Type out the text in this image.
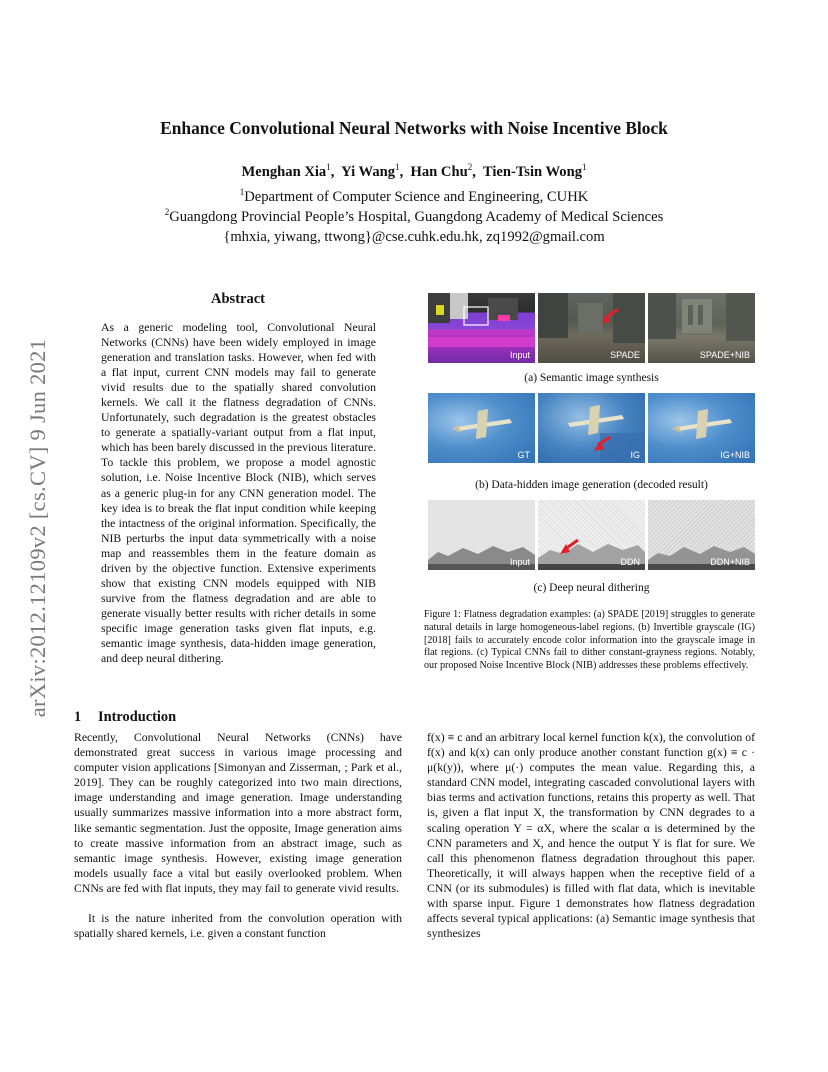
arXiv:2012.12109v2 [cs.CV] 9 Jun 2021
Enhance Convolutional Neural Networks with Noise Incentive Block
Menghan Xia$^1$,  Yi Wang$^1$,  Han Chu$^2$,  Tien-Tsin Wong$^1$
$^1$Department of Computer Science and Engineering, CUHK
$^2$Guangdong Provincial People’s Hospital, Guangdong Academy of Medical Sciences
{mhxia, yiwang, ttwong}@cse.cuhk.edu.hk, zq1992@gmail.com
Abstract
As a generic modeling tool, Convolutional Neural Networks (CNNs) have been widely employed in image generation and translation tasks. However, when fed with a flat input, current CNN models may fail to generate vivid results due to the spatially shared convolution kernels. We call it the flatness degradation of CNNs. Unfortunately, such degradation is the greatest obstacles to generate a spatially-variant output from a flat input, which has been barely discussed in the previous literature. To tackle this problem, we propose a model agnostic solution, i.e. Noise Incentive Block (NIB), which serves as a generic plug-in for any CNN generation model. The key idea is to break the flat input condition while keeping the intactness of the original information. Specifically, the NIB perturbs the input data symmetrically with a noise map and reassembles them in the feature domain as driven by the objective function. Extensive experiments show that existing CNN models equipped with NIB survive from the flatness degradation and are able to generate visually better results with richer details in some specific image generation tasks given flat inputs, e.g. semantic image synthesis, data-hidden image generation, and deep neural dithering.
Input	SPADE	SPADE+NIB
(a) Semantic image synthesis
GT	IG	IG+NIB
(b) Data-hidden image generation (decoded result)
Input	DDN	DDN+NIB
(c) Deep neural dithering
Figure 1: Flatness degradation examples: (a) SPADE [2019] struggles to generate natural details in large homogeneous-label regions. (b) Invertible grayscale (IG) [2018] fails to accurately encode color information into the grayscale image in flat regions. (c) Typical CNNs fail to dither constant-grayness regions. Notably, our proposed Noise Incentive Block (NIB) addresses these problems effectively.
1 Introduction

Recently, Convolutional Neural Networks (CNNs) have demonstrated great success in various image processing and computer vision applications [Simonyan and Zisserman, ; Park et al., 2019]. They can be roughly categorized into two main directions, image understanding and image generation. Image understanding usually summarizes massive information into a more abstract form, like semantic segmentation. Just the opposite, Image generation aims to create massive information from an abstract image, such as semantic image synthesis. However, existing image generation models usually face a vital but easily overlooked problem. When CNNs are fed with flat inputs, they may fail to generate vivid results.

It is the nature inherited from the convolution operation with spatially shared kernels, i.e. given a constant function

f(x) ≡ c and an arbitrary local kernel function k(x), the convolution of f(x) and k(x) can only produce another constant function g(x) ≡ c · μ(k(y)), where μ(·) computes the mean value. Regarding this, a standard CNN model, integrating cascaded convolutional layers with bias terms and activation functions, retains this property as well. That is, given a flat input X, the transformation by CNN degrades to a scaling operation Y = αX, where the scalar α is determined by the CNN parameters and X, and hence the output Y is flat for sure. We call this phenomenon flatness degradation throughout this paper. Theoretically, it will always happen when the receptive field of a CNN (or its submodules) is filled with flat data, which is inevitable with sparse input. Figure 1 demonstrates how flatness degradation affects several typical applications: (a) Semantic image synthesis that synthesizes
